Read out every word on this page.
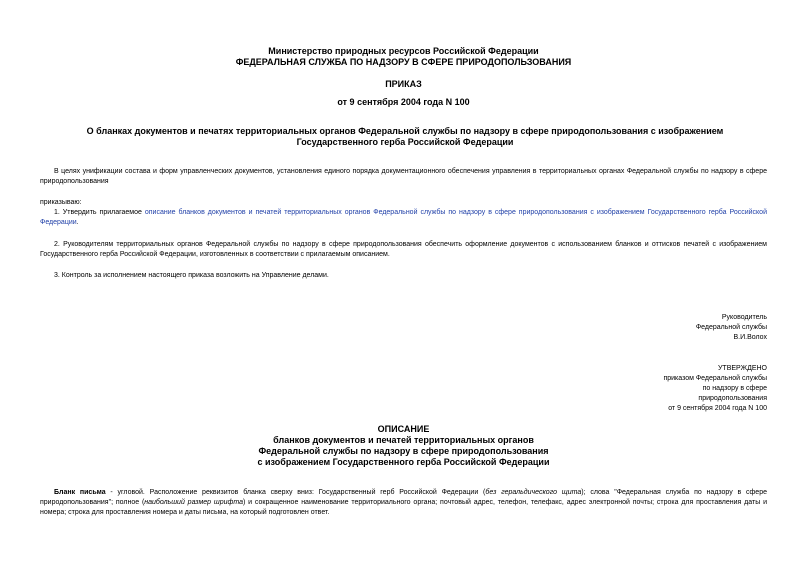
Министерство природных ресурсов Российской Федерации
ФЕДЕРАЛЬНАЯ СЛУЖБА ПО НАДЗОРУ В СФЕРЕ ПРИРОДОПОЛЬЗОВАНИЯ
ПРИКАЗ
от 9 сентября 2004 года N 100
О бланках документов и печатях территориальных органов Федеральной службы по надзору в сфере природопользования с изображением Государственного герба Российской Федерации
В целях унификации состава и форм управленческих документов, установления единого порядка документационного обеспечения управления в территориальных органах Федеральной службы по надзору в сфере природопользования
приказываю:
1. Утвердить прилагаемое описание бланков документов и печатей территориальных органов Федеральной службы по надзору в сфере природопользования с изображением Государственного герба Российской Федерации.
2. Руководителям территориальных органов Федеральной службы по надзору в сфере природопользования обеспечить оформление документов с использованием бланков и оттисков печатей с изображением Государственного герба Российской Федерации, изготовленных в соответствии с прилагаемым описанием.
3. Контроль за исполнением настоящего приказа возложить на Управление делами.
Руководитель
Федеральной службы
В.И.Волох
УТВЕРЖДЕНО
приказом Федеральной службы
по надзору в сфере
природопользования
от 9 сентября 2004 года N 100
ОПИСАНИЕ
бланков документов и печатей территориальных органов
Федеральной службы по надзору в сфере природопользования
с изображением Государственного герба Российской Федерации
Бланк письма - угловой. Расположение реквизитов бланка сверху вниз: Государственный герб Российской Федерации (без геральдического щита); слова "Федеральная служба по надзору в сфере природопользования"; полное (наибольший размер шрифта) и сокращенное наименование территориального органа; почтовый адрес, телефон, телефакс, адрес электронной почты; строка для проставления даты и номера; строка для проставления номера и даты письма, на который подготовлен ответ.
